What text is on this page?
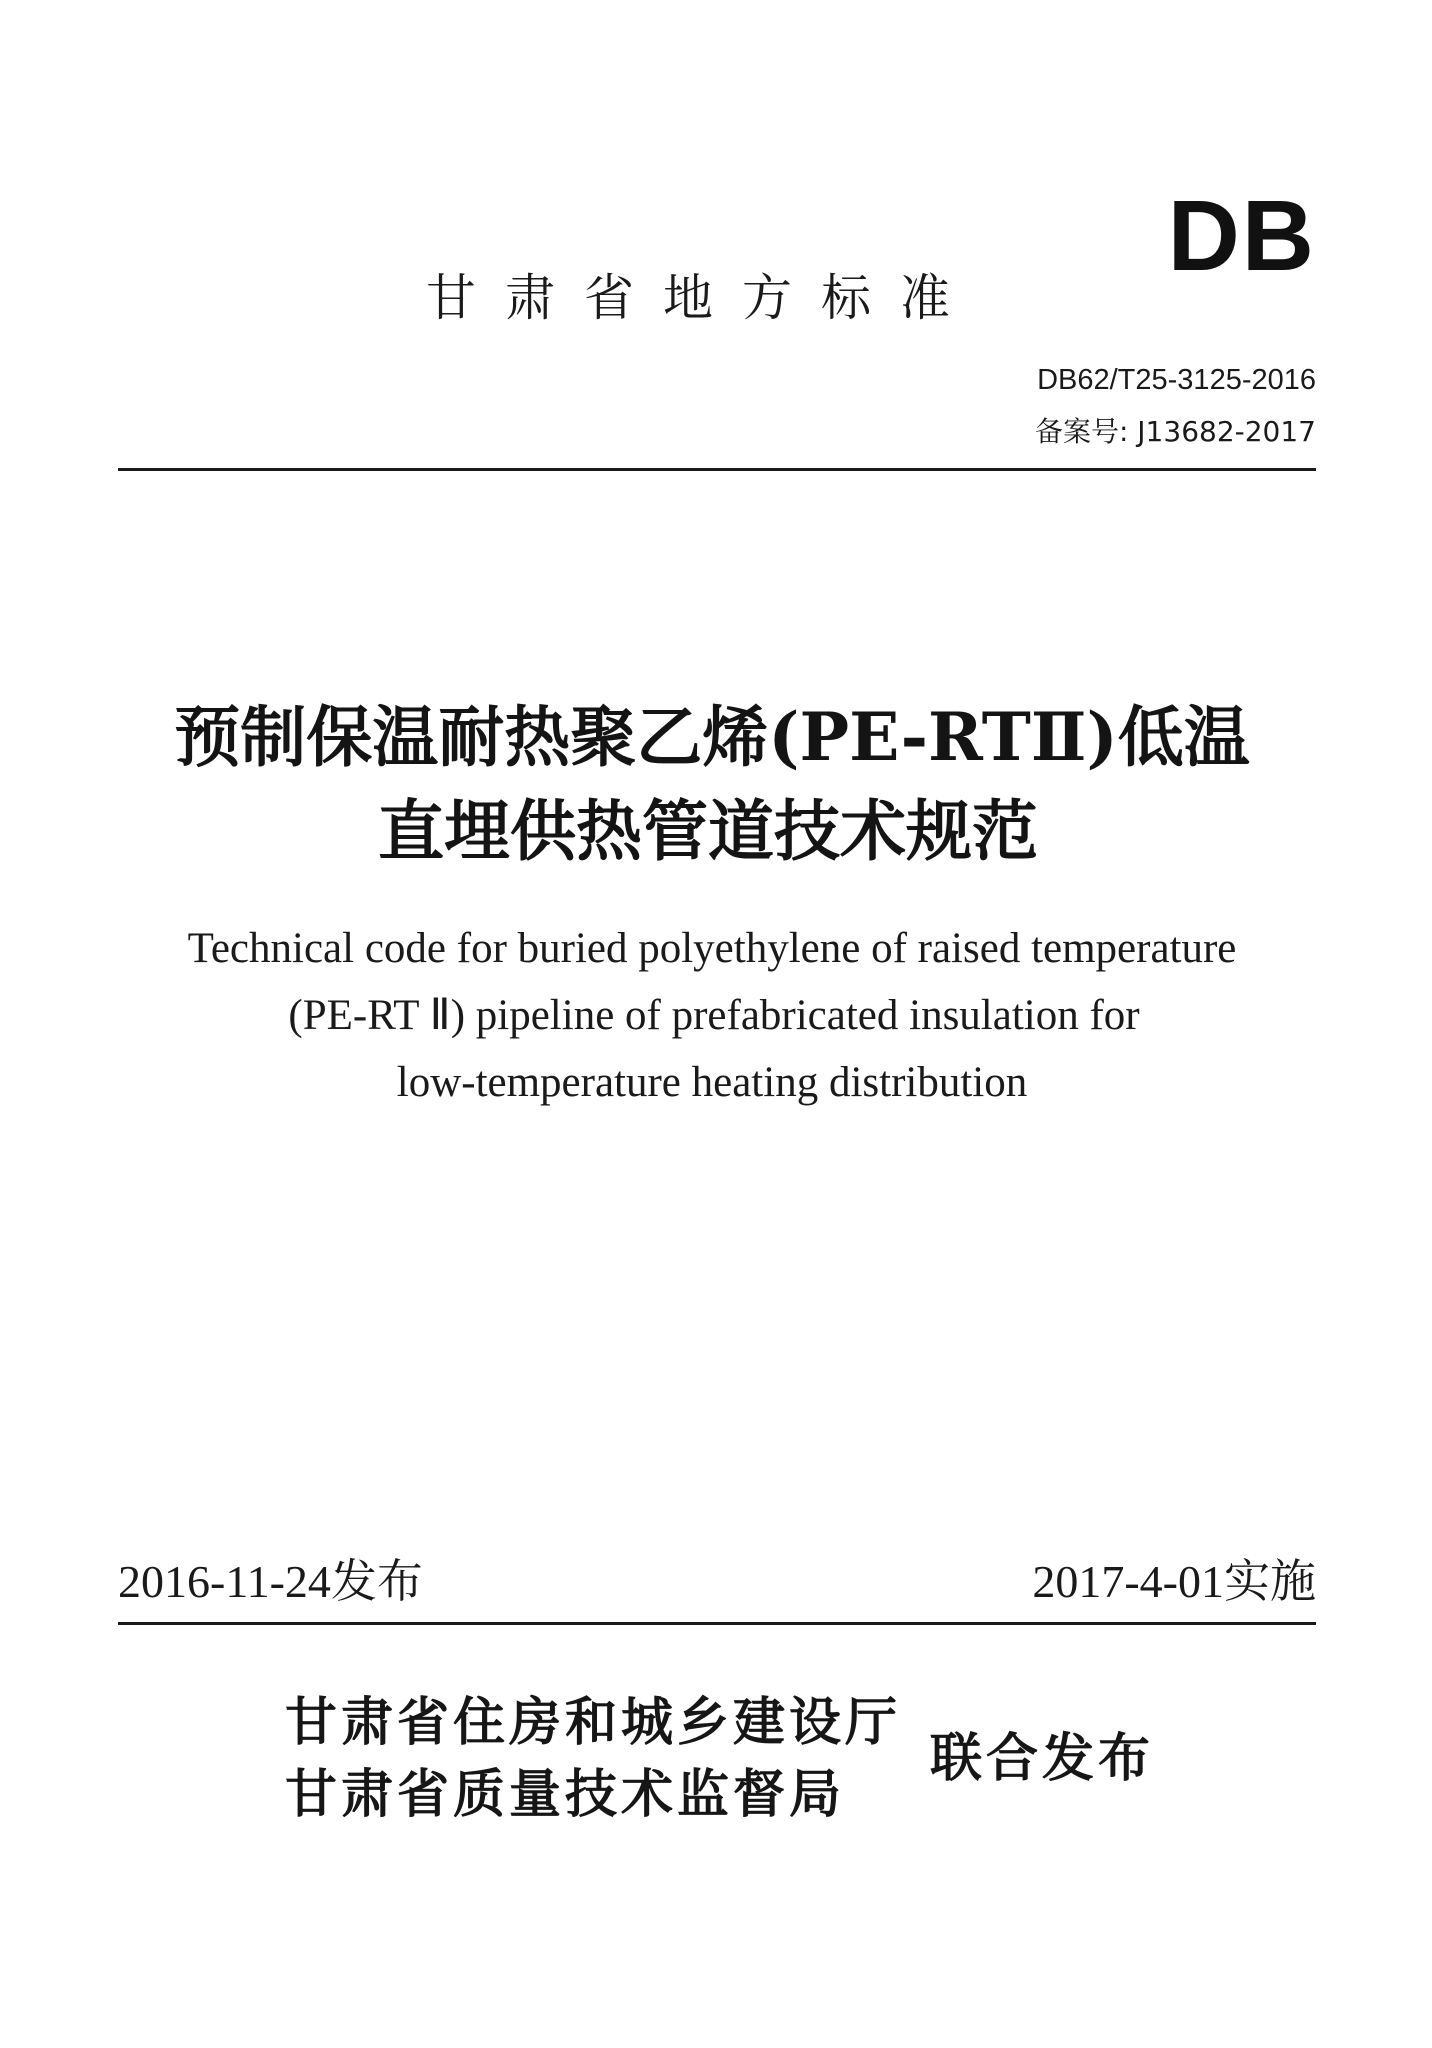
DB
甘肃省地方标准
DB62/T25-3125-2016
备案号: J13682-2017
预制保温耐热聚乙烯(PE-RTⅡ)低温
直埋供热管道技术规范
Technical code for buried polyethylene of raised temperature
(PE-RT Ⅱ) pipeline of prefabricated insulation for
low-temperature heating distribution
2016-11-24发布	2017-4-01实施
甘肃省住房和城乡建设厅
甘肃省质量技术监督局
联合发布
